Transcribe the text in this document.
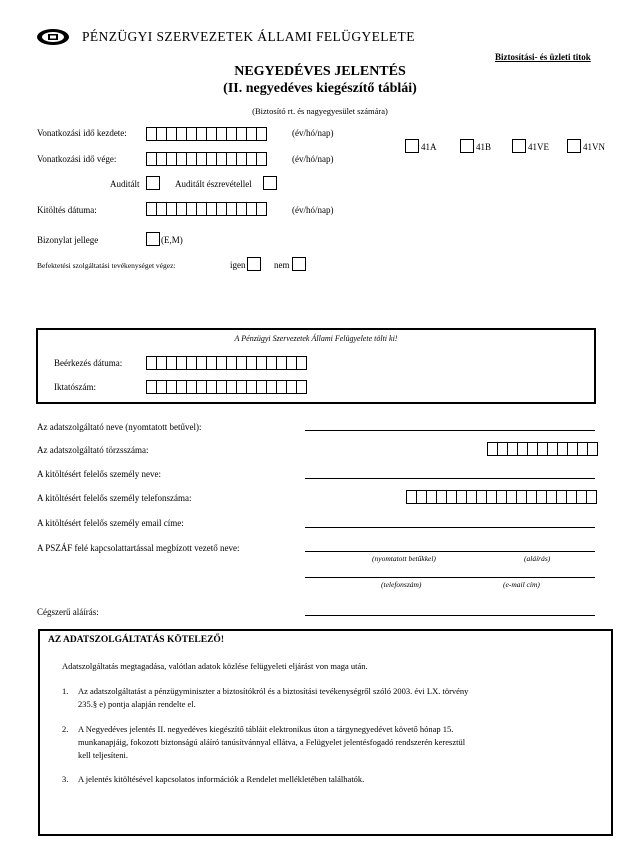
PÉNZÜGYI SZERVEZETEK ÁLLAMI FELÜGYELETE
Biztosítási- és üzleti titok
NEGYEDÉVES JELENTÉS
(II. negyedéves kiegészítő táblái)
(Biztosító rt. és nagyegyesület számára)
Vonatkozási idő kezdete:	(év/hó/nap)
Vonatkozási idő vége:	(év/hó/nap)
41A	41B	41VE	41VN
Auditált	Auditált észrevétellel
Kitöltés dátuma:	(év/hó/nap)
Bizonylat jellege	(E,M)
Befektetési szolgáltatási tevékenységet végez:	igen	nem
A Pénzügyi Szervezetek Állami Felügyelete tölti ki!
Beérkezés dátuma:
Iktatószám:
Az adatszolgáltató neve (nyomtatott betűvel):
Az adatszolgáltató törzsszáma:
A kitöltésért felelős személy neve:
A kitöltésért felelős személy telefonszáma:
A kitöltésért felelős személy email címe:
A PSZÁF felé kapcsolattartással megbízott vezető neve:
(nyomtatott betűkkel)	(aláírás)
(telefonszám)	(e-mail cím)
Cégszerű aláírás:
AZ ADATSZOLGÁLTATÁS KÖTELEZŐ!
Adatszolgáltatás megtagadása, valótlan adatok közlése felügyeleti eljárást von maga után.
1. Az adatszolgáltatást a pénzügyminiszter a biztosítókról és a biztosítási tevékenységről szóló 2003. évi LX. törvény
235.§ e) pontja alapján rendelte el.
2. A Negyedéves jelentés II. negyedéves kiegészítő tábláit elektronikus úton a tárgynegyedévet követő hónap 15.
munkanapjáig, fokozott biztonságú aláíró tanúsítvánnyal ellátva, a Felügyelet jelentésfogadó rendszerén keresztül
kell teljesíteni.
3. A jelentés kitöltésével kapcsolatos információk a Rendelet mellékletében találhatók.
